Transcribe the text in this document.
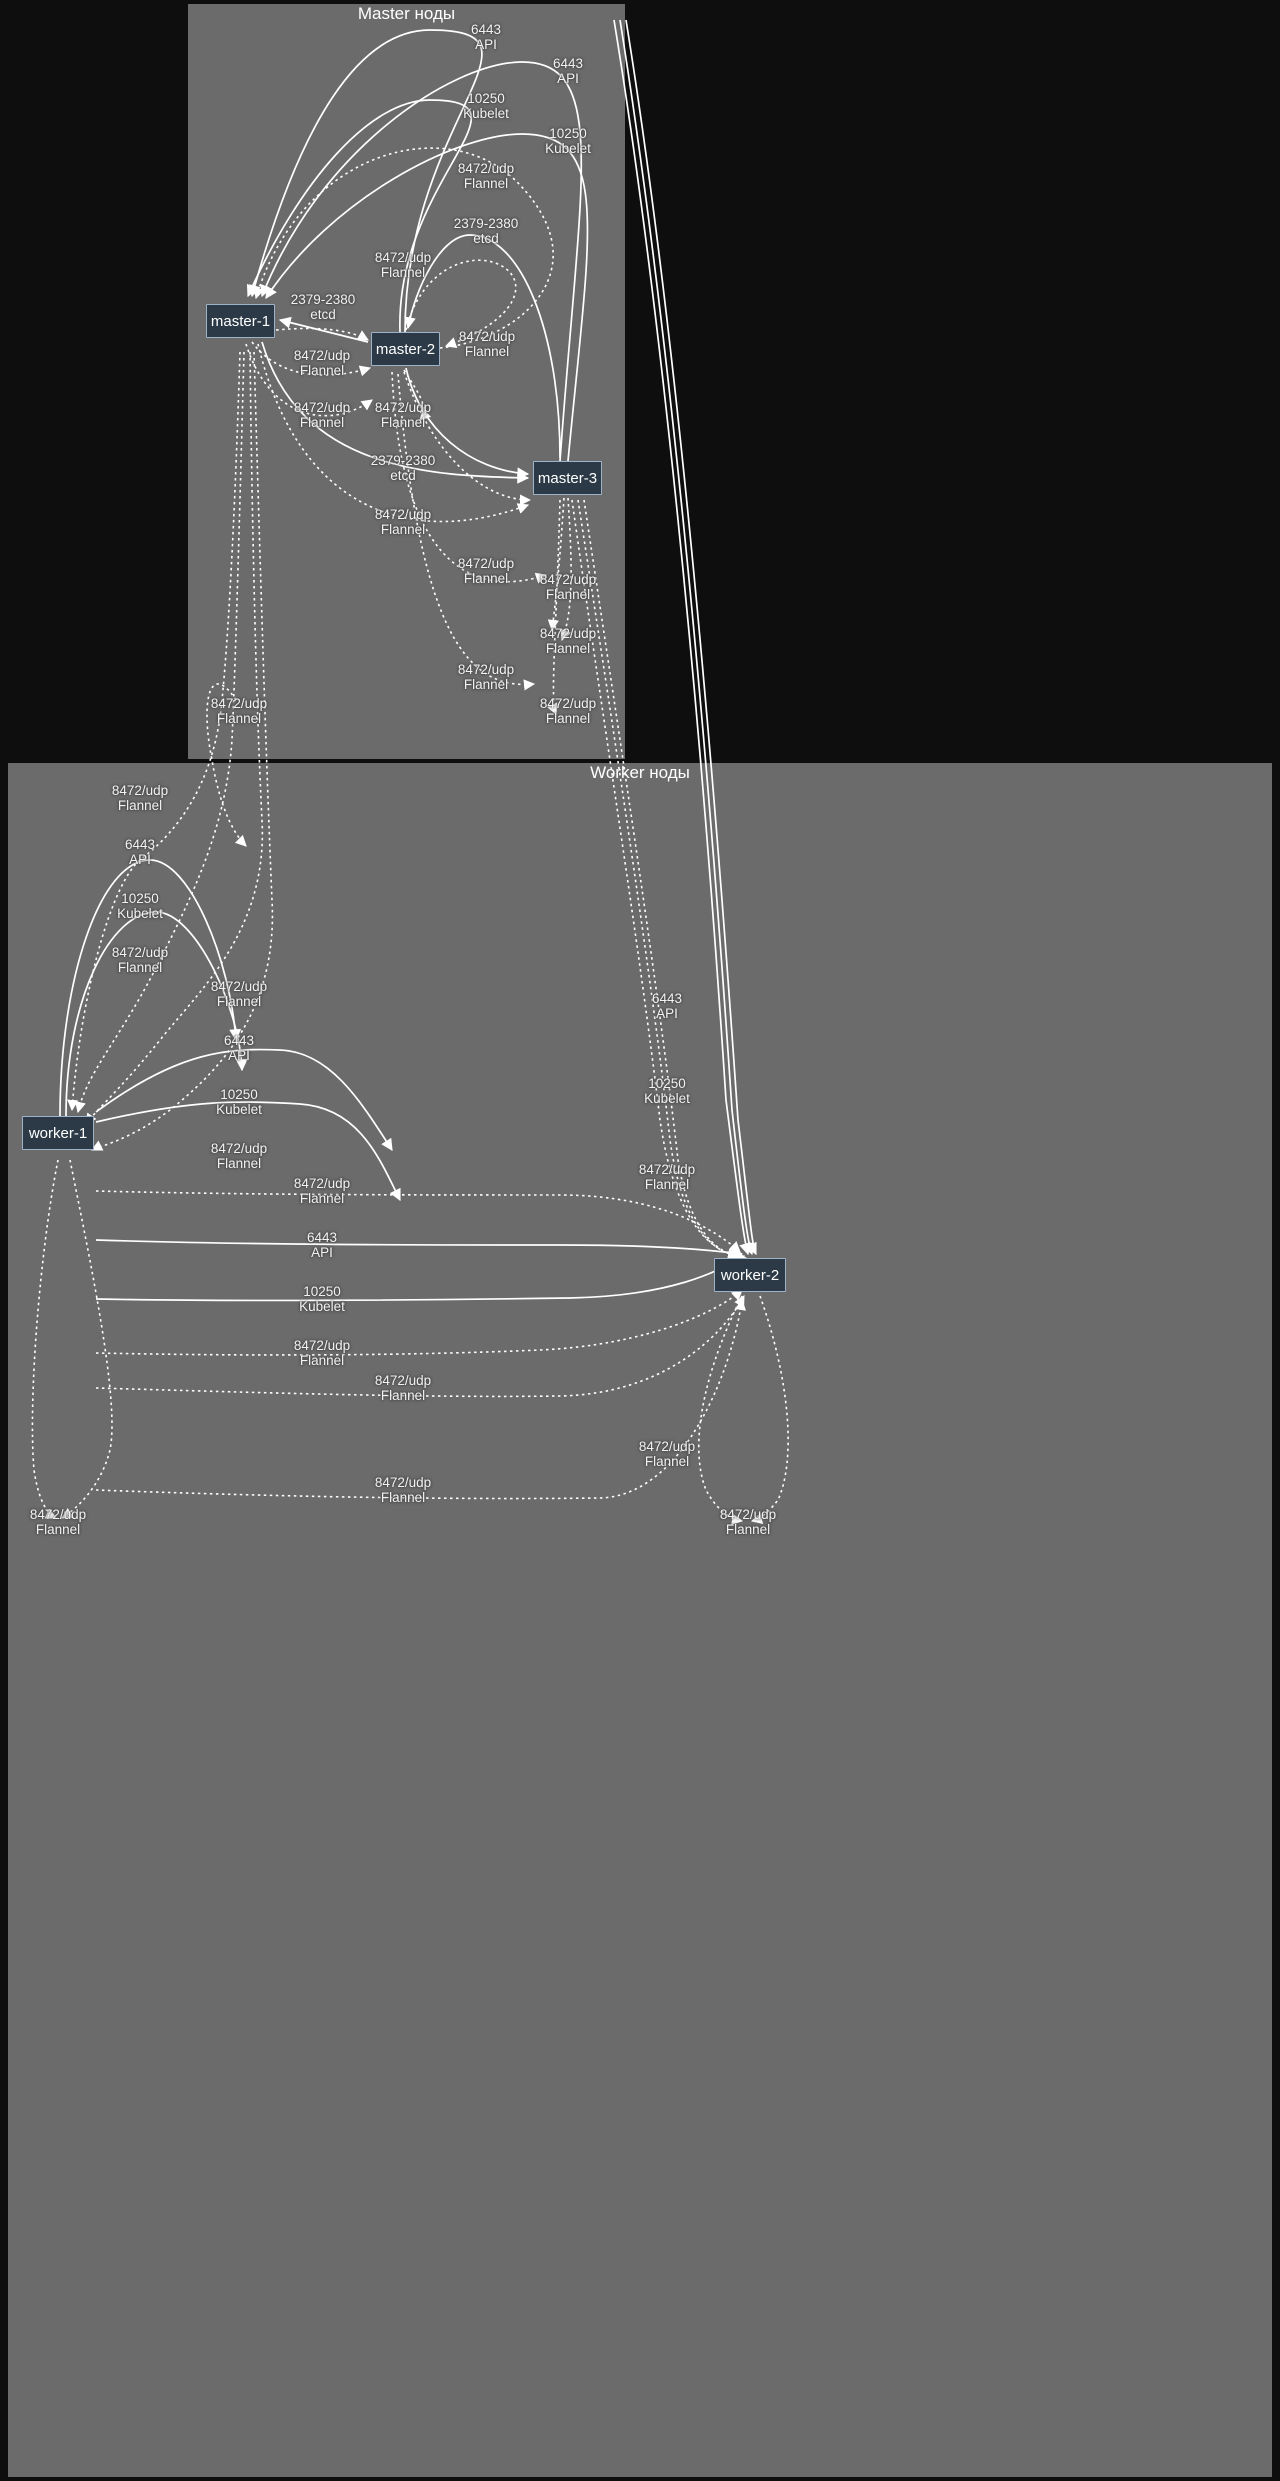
Master ноды
Worker ноды
master-1
master-2
master-3
worker-1
worker-2
6443
API
6443
API
10250
Kubelet
10250
Kubelet
8472/udp
Flannel
2379-2380
etcd
8472/udp
Flannel
2379-2380
etcd
8472/udp
Flannel
8472/udp
Flannel
8472/udp
Flannel
8472/udp
Flannel
2379-2380
etcd
8472/udp
Flannel
8472/udp
Flannel	8472/udp
Flannel
8472/udp
Flannel
8472/udp
Flannel
8472/udp
Flannel
8472/udp
Flannel
8472/udp
Flannel
6443
API
10250
Kubelet
8472/udp
Flannel
8472/udp
Flannel
6443
API
10250
Kubelet
8472/udp
Flannel
8472/udp
Flannel
6443
API
10250
Kubelet
8472/udp
Flannel
8472/udp
Flannel
8472/udp
Flannel
6443
API
10250
Kubelet
8472/udp
Flannel
8472/udp
Flannel
8472/udp
Flannel
8472/udp
Flannel
